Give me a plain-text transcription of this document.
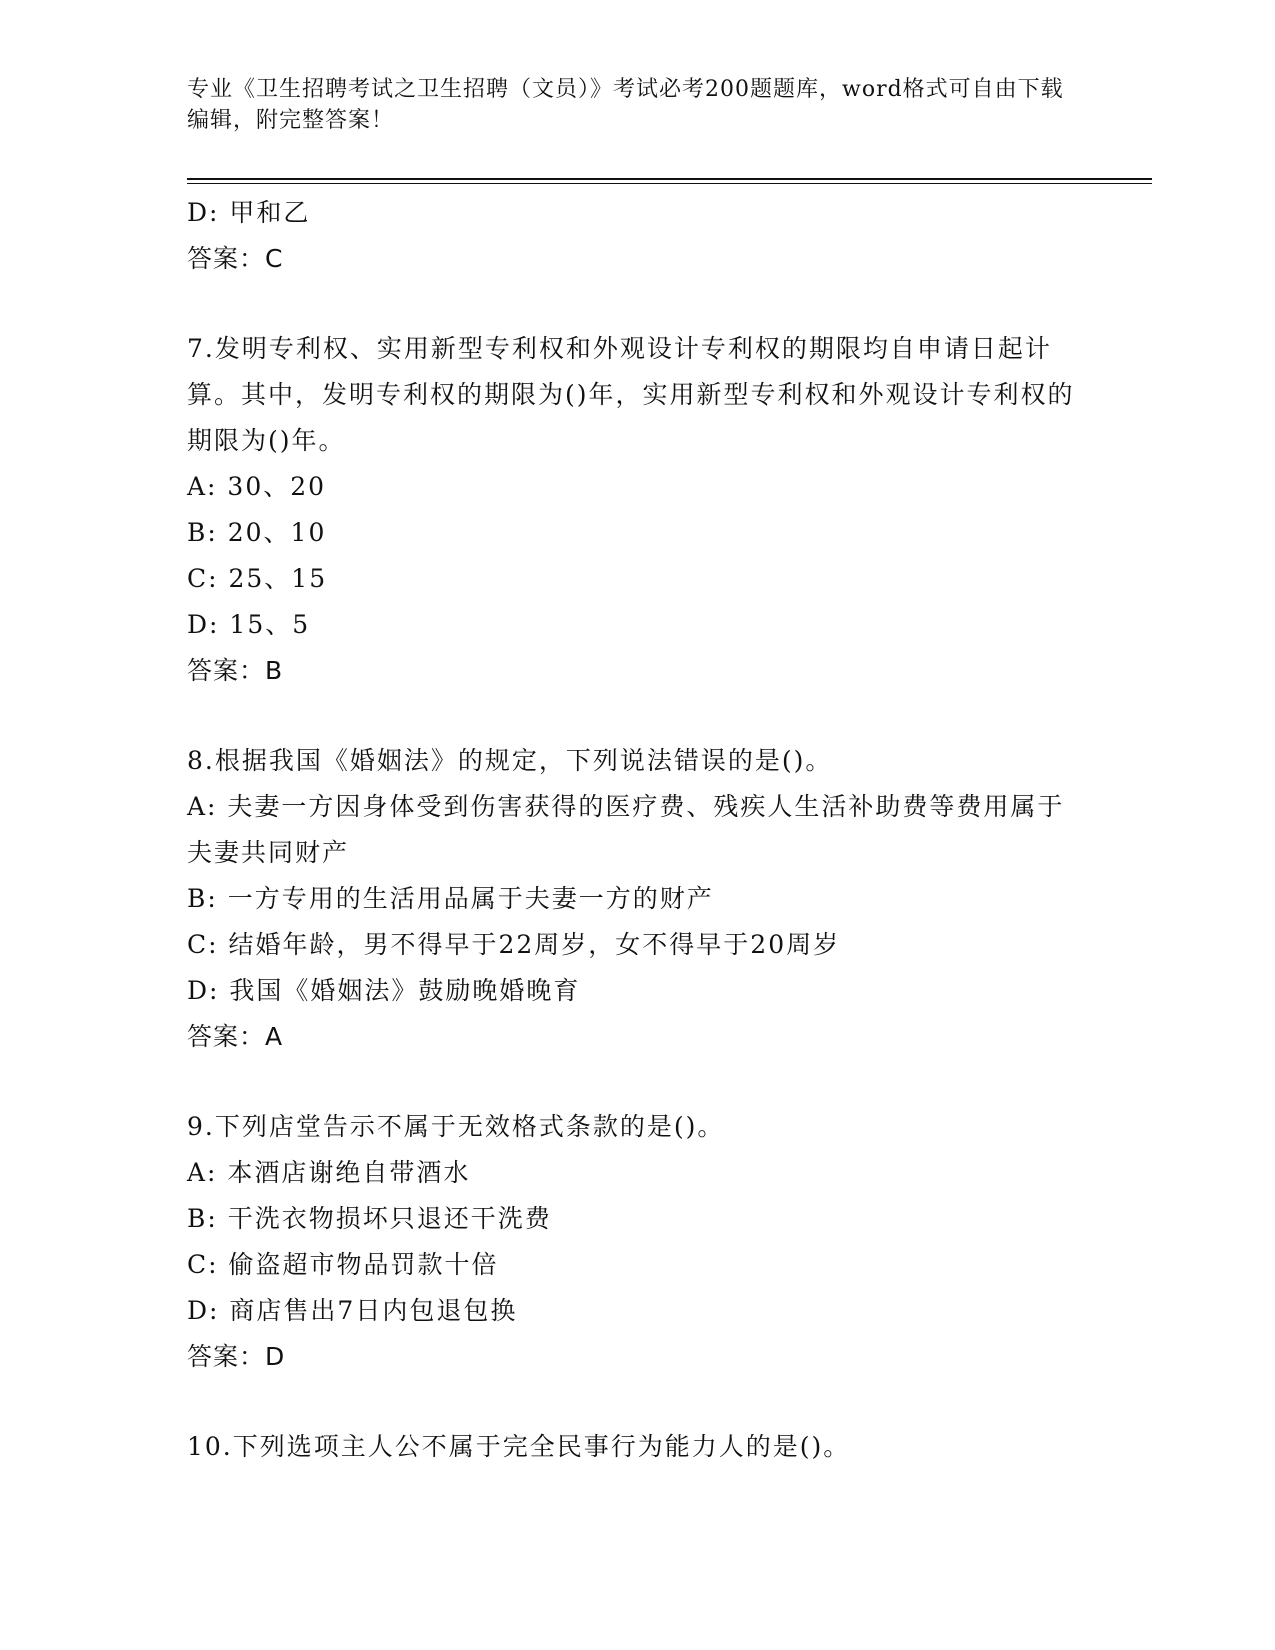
专业《卫生招聘考试之卫生招聘（文员）》考试必考200题题库，word格式可自由下载编辑，附完整答案！
D: 甲和乙
答案：C
7.发明专利权、实用新型专利权和外观设计专利权的期限均自申请日起计算。其中，发明专利权的期限为()年，实用新型专利权和外观设计专利权的期限为()年。
A: 30、20
B: 20、10
C: 25、15
D: 15、5
答案：B
8.根据我国《婚姻法》的规定，下列说法错误的是()。
A: 夫妻一方因身体受到伤害获得的医疗费、残疾人生活补助费等费用属于夫妻共同财产
B: 一方专用的生活用品属于夫妻一方的财产
C: 结婚年龄，男不得早于22周岁，女不得早于20周岁
D: 我国《婚姻法》鼓励晚婚晚育
答案：A
9.下列店堂告示不属于无效格式条款的是()。
A: 本酒店谢绝自带酒水
B: 干洗衣物损坏只退还干洗费
C: 偷盗超市物品罚款十倍
D: 商店售出7日内包退包换
答案：D
10.下列选项主人公不属于完全民事行为能力人的是()。
